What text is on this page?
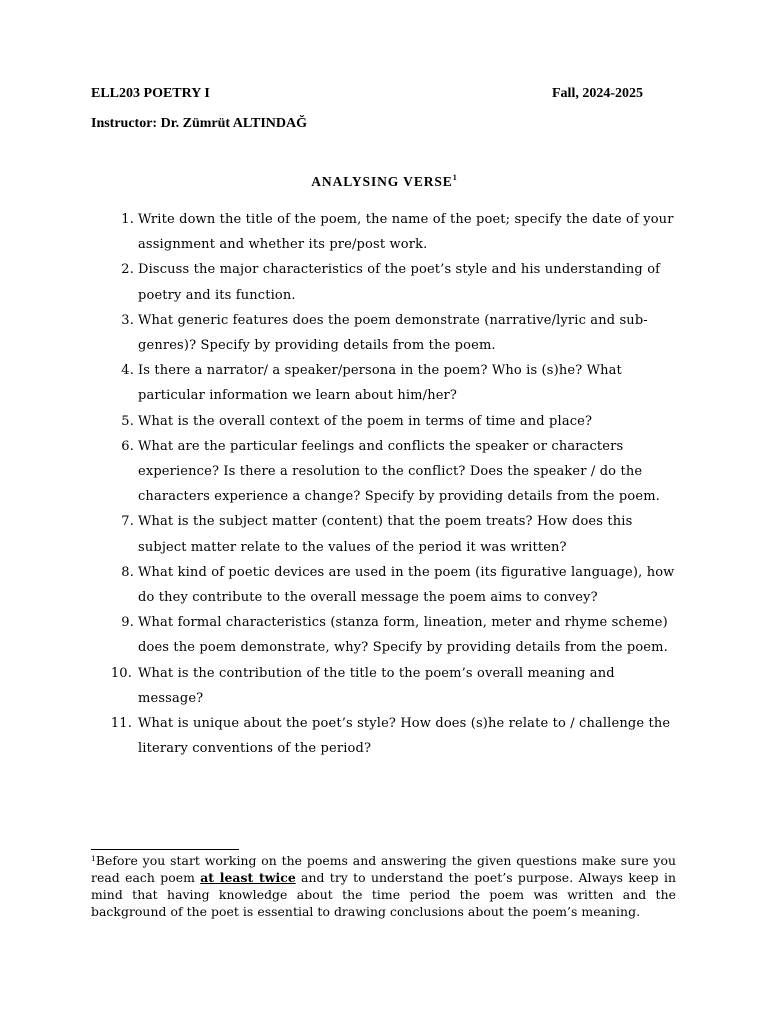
ELL203 POETRY I	Fall, 2024-2025
Instructor: Dr. Zümrüt ALTINDAĞ
ANALYSING VERSE$^1$
1. Write down the title of the poem, the name of the poet; specify the date of your assignment and whether its pre/post work.
2. Discuss the major characteristics of the poet’s style and his understanding of poetry and its function.
3. What generic features does the poem demonstrate (narrative/lyric and sub-genres)? Specify by providing details from the poem.
4. Is there a narrator/ a speaker/persona in the poem? Who is (s)he? What particular information we learn about him/her?
5. What is the overall context of the poem in terms of time and place?
6. What are the particular feelings and conflicts the speaker or characters experience? Is there a resolution to the conflict? Does the speaker / do the characters experience a change? Specify by providing details from the poem.
7. What is the subject matter (content) that the poem treats? How does this subject matter relate to the values of the period it was written?
8. What kind of poetic devices are used in the poem (its figurative language), how do they contribute to the overall message the poem aims to convey?
9. What formal characteristics (stanza form, lineation, meter and rhyme scheme) does the poem demonstrate, why? Specify by providing details from the poem.
10. What is the contribution of the title to the poem’s overall meaning and message?
11. What is unique about the poet’s style? How does (s)he relate to / challenge the literary conventions of the period?
$^1$Before you start working on the poems and answering the given questions make sure you read each poem at least twice and try to understand the poet’s purpose. Always keep in mind that having knowledge about the time period the poem was written and the background of the poet is essential to drawing conclusions about the poem’s meaning.
